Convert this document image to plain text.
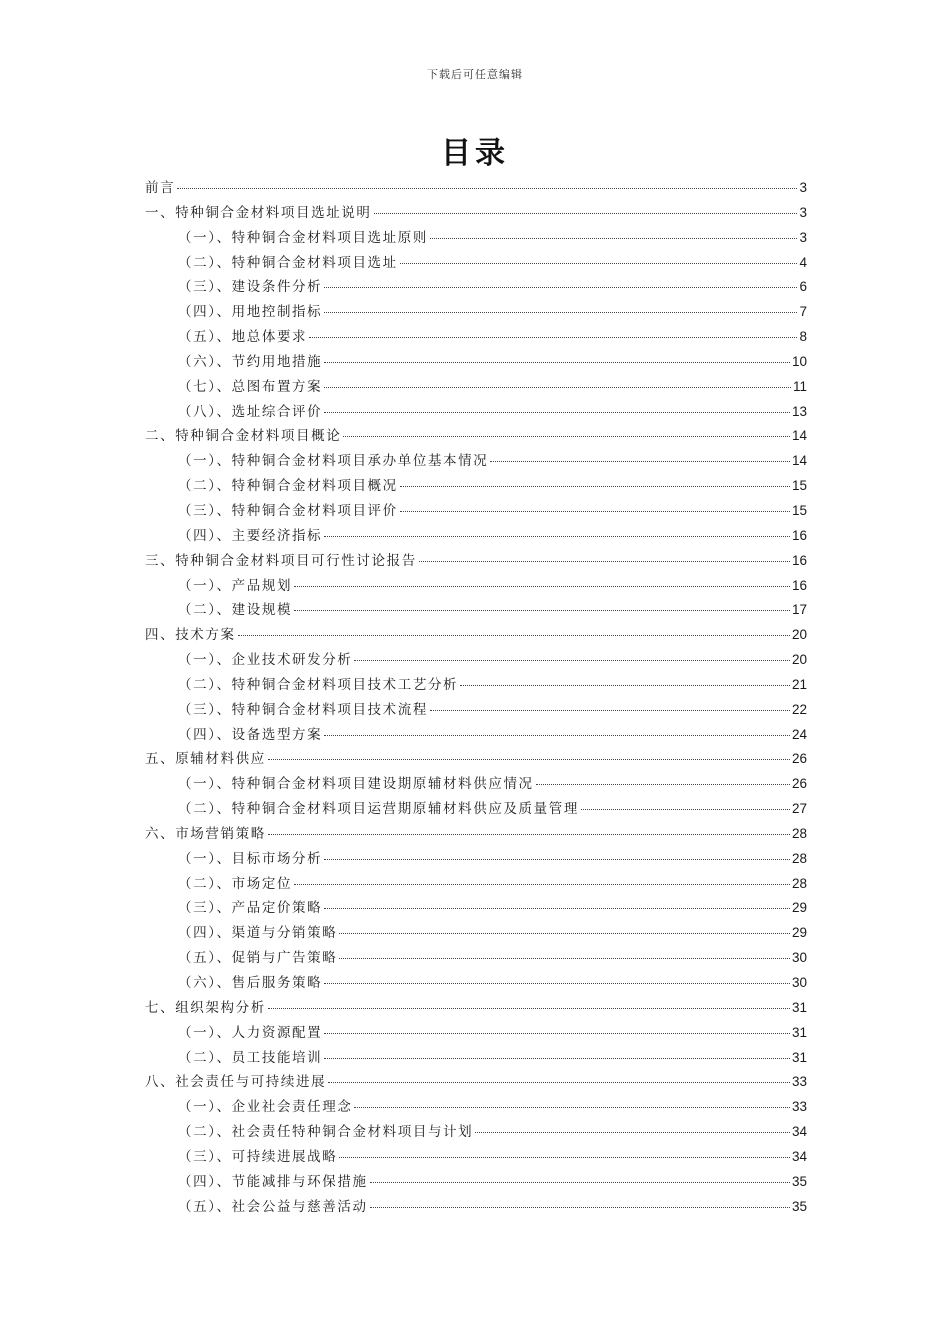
下载后可任意编辑
目录
前言	3
一、特种铜合金材料项目选址说明	3
（一）、特种铜合金材料项目选址原则	3
（二）、特种铜合金材料项目选址	4
（三）、建设条件分析	6
（四）、用地控制指标	7
（五）、地总体要求	8
（六）、节约用地措施	10
（七）、总图布置方案	11
（八）、选址综合评价	13
二、特种铜合金材料项目概论	14
（一）、特种铜合金材料项目承办单位基本情况	14
（二）、特种铜合金材料项目概况	15
（三）、特种铜合金材料项目评价	15
（四）、主要经济指标	16
三、特种铜合金材料项目可行性讨论报告	16
（一）、产品规划	16
（二）、建设规模	17
四、技术方案	20
（一）、企业技术研发分析	20
（二）、特种铜合金材料项目技术工艺分析	21
（三）、特种铜合金材料项目技术流程	22
（四）、设备选型方案	24
五、原辅材料供应	26
（一）、特种铜合金材料项目建设期原辅材料供应情况	26
（二）、特种铜合金材料项目运营期原辅材料供应及质量管理	27
六、市场营销策略	28
（一）、目标市场分析	28
（二）、市场定位	28
（三）、产品定价策略	29
（四）、渠道与分销策略	29
（五）、促销与广告策略	30
（六）、售后服务策略	30
七、组织架构分析	31
（一）、人力资源配置	31
（二）、员工技能培训	31
八、社会责任与可持续进展	33
（一）、企业社会责任理念	33
（二）、社会责任特种铜合金材料项目与计划	34
（三）、可持续进展战略	34
（四）、节能减排与环保措施	35
（五）、社会公益与慈善活动	35
